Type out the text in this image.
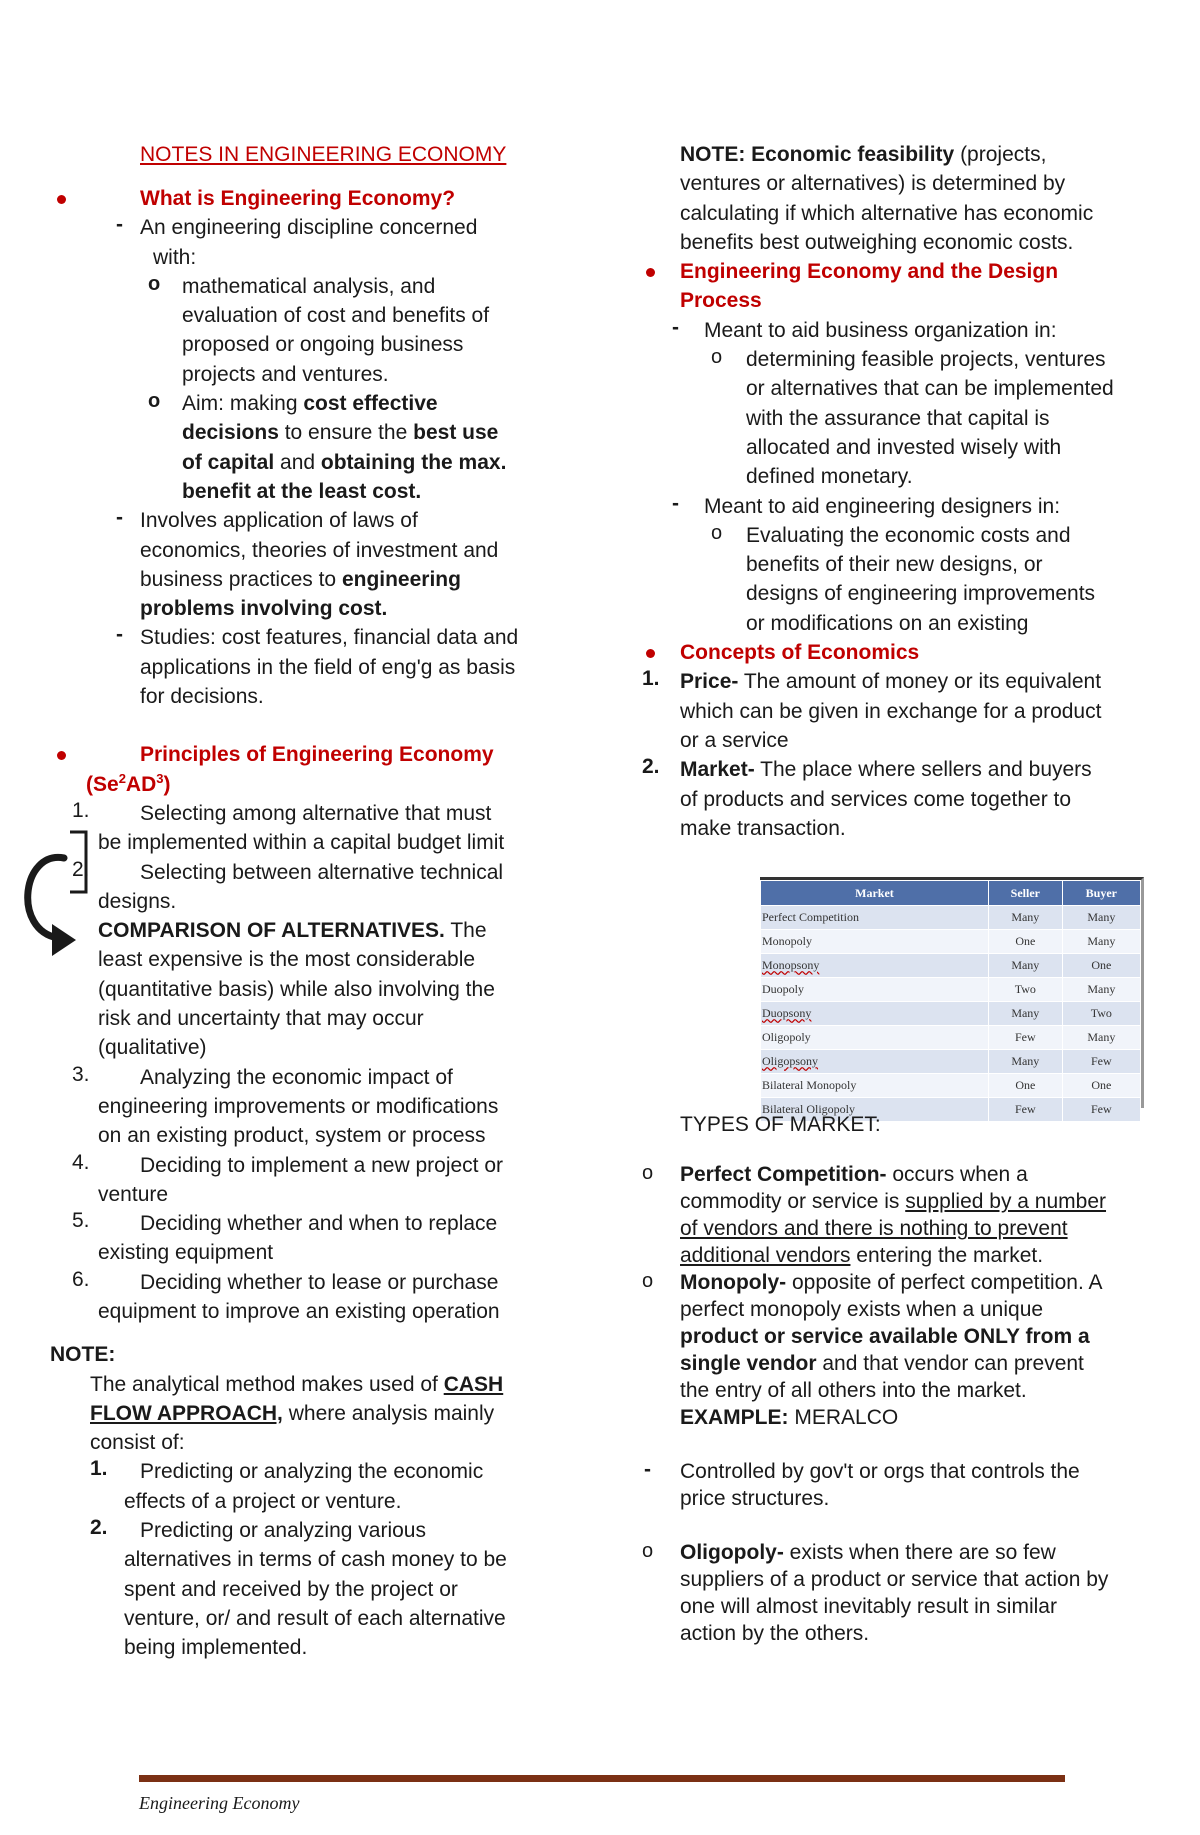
NOTES IN ENGINEERING ECONOMY

What is Engineering Economy?

- An engineering discipline concerned

with:

o mathematical analysis, and

evaluation of cost and benefits of

proposed or ongoing business

projects and ventures.

o Aim: making cost effective

decisions to ensure the best use

of capital and obtaining the max.

benefit at the least cost.

- Involves application of laws of

economics, theories of investment and

business practices to engineering

problems involving cost.

- Studies: cost features, financial data and

applications in the field of eng'g as basis

for decisions.

Principles of Engineering Economy

$(Se^2AD^3)$

1.	Selecting among alternative that must

be implemented within a capital budget limit

2.	Selecting between alternative technical

designs.

COMPARISON OF ALTERNATIVES. The

least expensive is the most considerable

(quantitative basis) while also involving the

risk and uncertainty that may occur

(qualitative)

3.	Analyzing the economic impact of

engineering improvements or modifications

on an existing product, system or process

4.	Deciding to implement a new project or

venture

5.	Deciding whether and when to replace

existing equipment

6.	Deciding whether to lease or purchase

equipment to improve an existing operation

NOTE:

The analytical method makes used of CASH

FLOW APPROACH, where analysis mainly

consist of:

1.	Predicting or analyzing the economic

effects of a project or venture.

2.	Predicting or analyzing various

alternatives in terms of cash money to be

spent and received by the project or

venture, or/ and result of each alternative

being implemented.

NOTE: Economic feasibility (projects,

ventures or alternatives) is determined by

calculating if which alternative has economic

benefits best outweighing economic costs.

Engineering Economy and the Design

Process

- Meant to aid business organization in:

o determining feasible projects, ventures

or alternatives that can be implemented

with the assurance that capital is

allocated and invested wisely with

defined monetary.

- Meant to aid engineering designers in:

o Evaluating the economic costs and

benefits of their new designs, or

designs of engineering improvements

or modifications on an existing

Concepts of Economics

1. Price- The amount of money or its equivalent

which can be given in exchange for a product

or a service

2. Market- The place where sellers and buyers

of products and services come together to

make transaction.

Market	Seller	Buyer
Perfect Competition	Many	Many
Monopoly	One	Many
Monopsony	Many	One
Duopoly	Two	Many
Duopsony	Many	Two
Oligopoly	Few	Many
Oligopsony	Many	Few
Bilateral Monopoly	One	One
Bilateral Oligopoly	Few	Few

TYPES OF MARKET:

o Perfect Competition- occurs when a

commodity or service is supplied by a number

of vendors and there is nothing to prevent

additional vendors entering the market.

o Monopoly- opposite of perfect competition. A

perfect monopoly exists when a unique

product or service available ONLY from a

single vendor and that vendor can prevent

the entry of all others into the market.

EXAMPLE: MERALCO

- Controlled by gov't or orgs that controls the

price structures.

o Oligopoly- exists when there are so few

suppliers of a product or service that action by

one will almost inevitably result in similar

action by the others.

Engineering Economy
